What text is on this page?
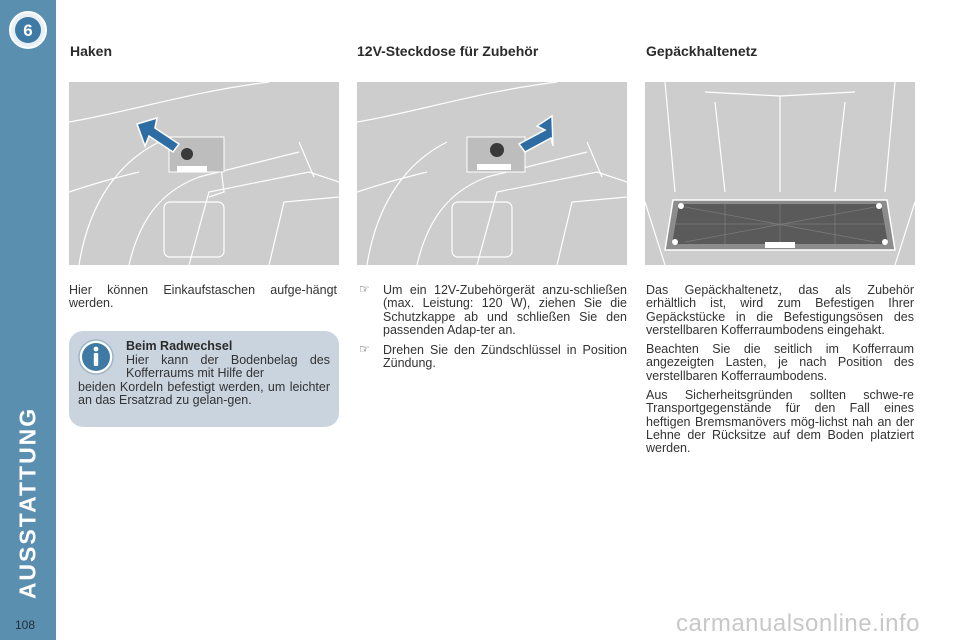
6
AUSSTATTUNG
108
Haken	12V-Steckdose für Zubehör	Gepäckhaltenetz

Hier können Einkaufstaschen aufge-hängt werden.

Beim Radwechsel
Hier kann der Bodenbelag des Kofferraums mit Hilfe der
beiden Kordeln befestigt werden, um leichter an das Ersatzrad zu gelan-gen.
☞ Um ein 12V-Zubehörgerät anzu-schließen (max. Leistung: 120 W), ziehen Sie die Schutzkappe ab und schließen Sie den passenden Adap-ter an.
☞ Drehen Sie den Zündschlüssel in Position Zündung.

Das Gepäckhaltenetz, das als Zubehör erhältlich ist, wird zum Befestigen Ihrer Gepäckstücke in die Befestigungsösen des verstellbaren Kofferraumbodens eingehakt.

Beachten Sie die seitlich im Kofferraum angezeigten Lasten, je nach Position des verstellbaren Kofferraumbodens.

Aus Sicherheitsgründen sollten schwe-re Transportgegenstände für den Fall eines heftigen Bremsmanövers mög-lichst nah an der Lehne der Rücksitze auf dem Boden platziert werden.

carmanualsonline.info
